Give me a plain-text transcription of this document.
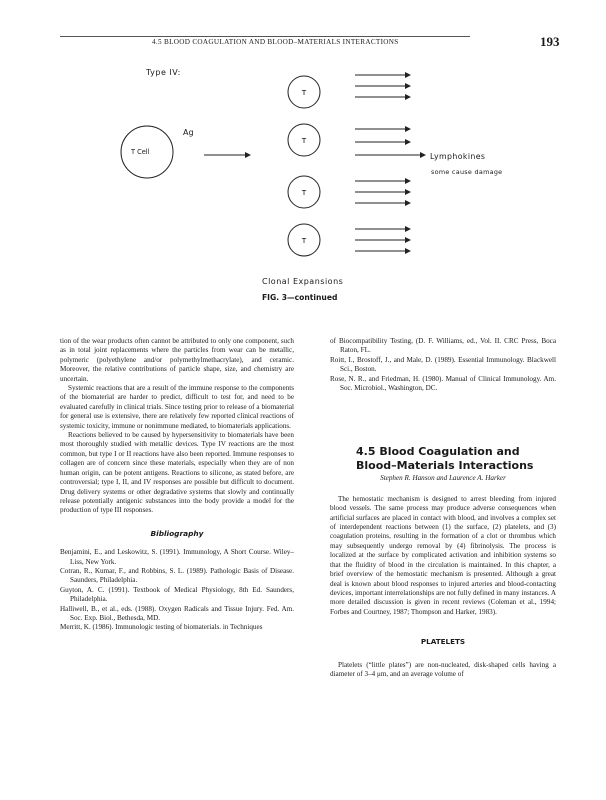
4.5 BLOOD COAGULATION AND BLOOD–MATERIALS INTERACTIONS	193
T
T
T
T
Type IV:
Ag
T Cell	Lymphokines
some cause damage
Clonal Expansions
FIG. 3—continued

tion of the wear products often cannot be attributed to only one component, such as in total joint replacements where the particles from wear can be metallic, polymeric (polyethylene and/or polymethylmethacrylate), and ceramic. Moreover, the relative contributions of particle shape, size, and chemistry are uncertain.

Systemic reactions that are a result of the immune response to the components of the biomaterial are harder to predict, difficult to test for, and need to be evaluated carefully in clinical trials. Since testing prior to release of a biomaterial for general use is extensive, there are relatively few reported clinical reactions of systemic toxicity, immune or nonimmune mediated, to biomaterials applications.

Reactions believed to be caused by hypersensitivity to biomaterials have been most thoroughly studied with metallic devices. Type IV reactions are the most common, but type I or II reactions have also been reported. Immune responses to collagen are of concern since these materials, especially when they are of non human origin, can be potent antigens. Reactions to silicone, as stated before, are controversial; type I, II, and IV responses are possible but difficult to document. Drug delivery systems or other degradative systems that slowly and continually release potentially antigenic substances into the body provide a model for the production of type III responses.

Bibliography

Benjamini, E., and Leskowitz, S. (1991). Immunology, A Short Course. Wiley–Liss, New York.

Cotran, R., Kumar, F., and Robbins, S. L. (1989). Pathologic Basis of Disease. Saunders, Philadelphia.

Guyton, A. C. (1991). Textbook of Medical Physiology, 8th Ed. Saunders, Philadelphia.

Halliwell, B., et al., eds. (1988). Oxygen Radicals and Tissue Injury. Fed. Am. Soc. Exp. Biol., Bethesda, MD.

Merritt, K. (1986). Immunologic testing of biomaterials. in Techniques

of Biocompatibility Testing, (D. F. Williams, ed., Vol. II. CRC Press, Boca Raton, FL.

Roitt, I., Brostoff, J., and Male, D. (1989). Essential Immunology. Blackwell Sci., Boston.

Rose, N. R., and Friedman, H. (1980). Manual of Clinical Immunology. Am. Soc. Microbiol., Washington, DC.

4.5 Blood Coagulation and
Blood–Materials Interactions
Stephen R. Hanson and Laurence A. Harker

The hemostatic mechanism is designed to arrest bleeding from injured blood vessels. The same process may produce adverse consequences when artificial surfaces are placed in contact with blood, and involves a complex set of interdependent reactions between (1) the surface, (2) platelets, and (3) coagulation proteins, resulting in the formation of a clot or thrombus which may subsequently undergo removal by (4) fibrinolysis. The process is localized at the surface by complicated activation and inhibition systems so that the fluidity of blood in the circulation is maintained. In this chapter, a brief overview of the hemostatic mechanism is presented. Although a great deal is known about blood responses to injured arteries and blood-contacting devices, important interrelationships are not fully defined in many instances. A more detailed discussion is given in recent reviews (Coleman et al., 1994; Forbes and Courtney, 1987; Thompson and Harker, 1983).

PLATELETS

Platelets (“little plates”) are non-nucleated, disk-shaped cells having a diameter of 3–4 μm, and an average volume of
